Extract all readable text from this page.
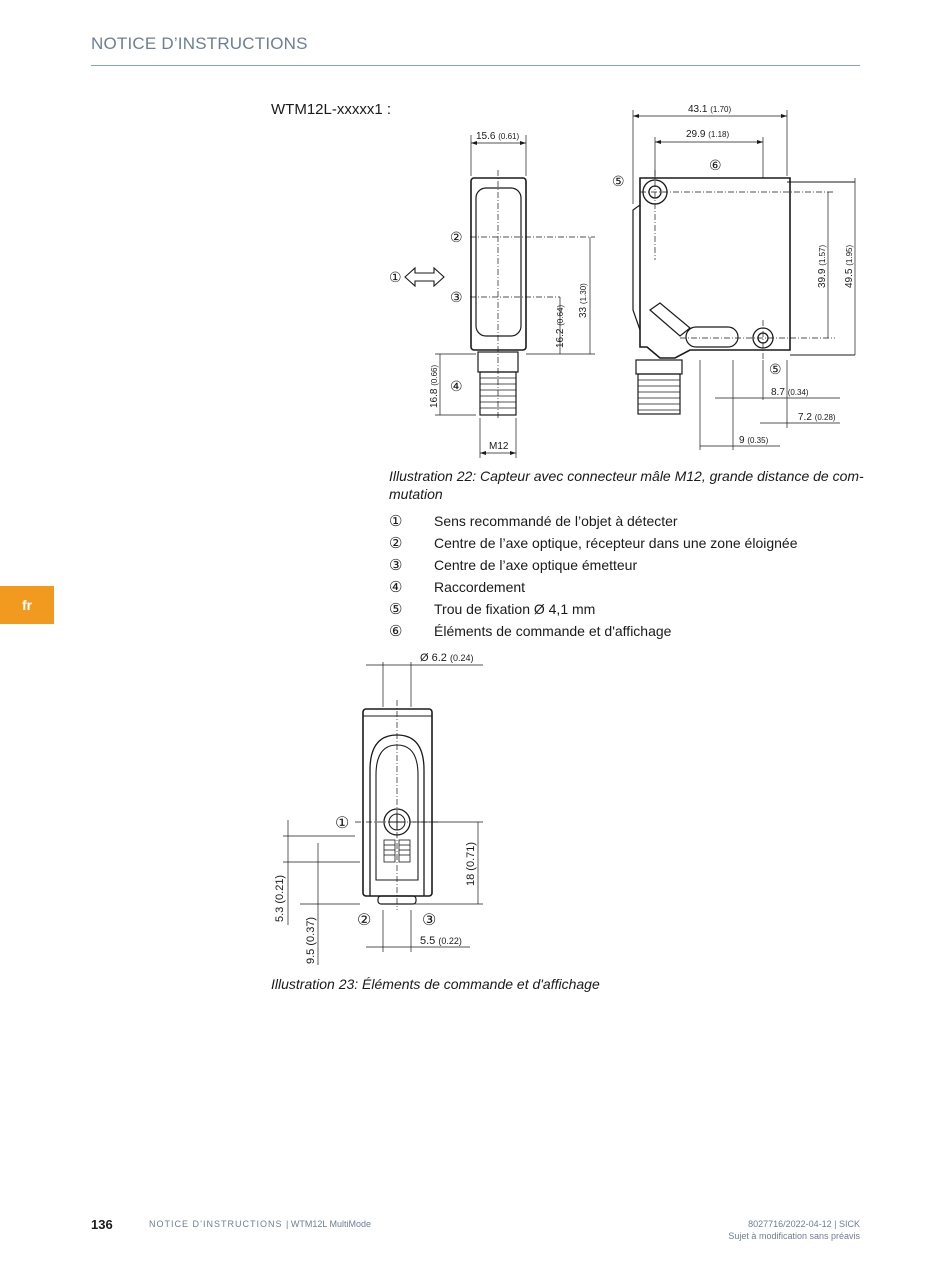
NOTICE D’INSTRUCTIONS
fr
WTM12L-xxxxx1 :
15.6 (0.61)
43.1 (1.70)
29.9 (1.18)
33 (1.30)
16.2 (0.64)
16.8 (0.66)
39.9 (1.57)
49.5 (1.95)
8.7 (0.34)
7.2 (0.28)
9 (0.35)
M12
②
①
③
④
⑤
⑥
⑤
Illustration 22: Capteur avec connecteur mâle M12, grande distance de com-
mutation
①	Sens recommandé de l’objet à détecter
②	Centre de l’axe optique, récepteur dans une zone éloignée
③	Centre de l’axe optique émetteur
④	Raccordement
⑤	Trou de fixation Ø 4,1 mm
⑥	Éléments de commande et d'affichage
Ø 6.2 (0.24)
18 (0.71)
5.3 (0.21)
9.5 (0.37)	5.5 (0.22)
①
②	③
Illustration 23: Éléments de commande et d'affichage
136	NOTICE D’INSTRUCTIONS | WTM12L MultiMode	8027716/2022-04-12 | SICK
Sujet à modification sans préavis
